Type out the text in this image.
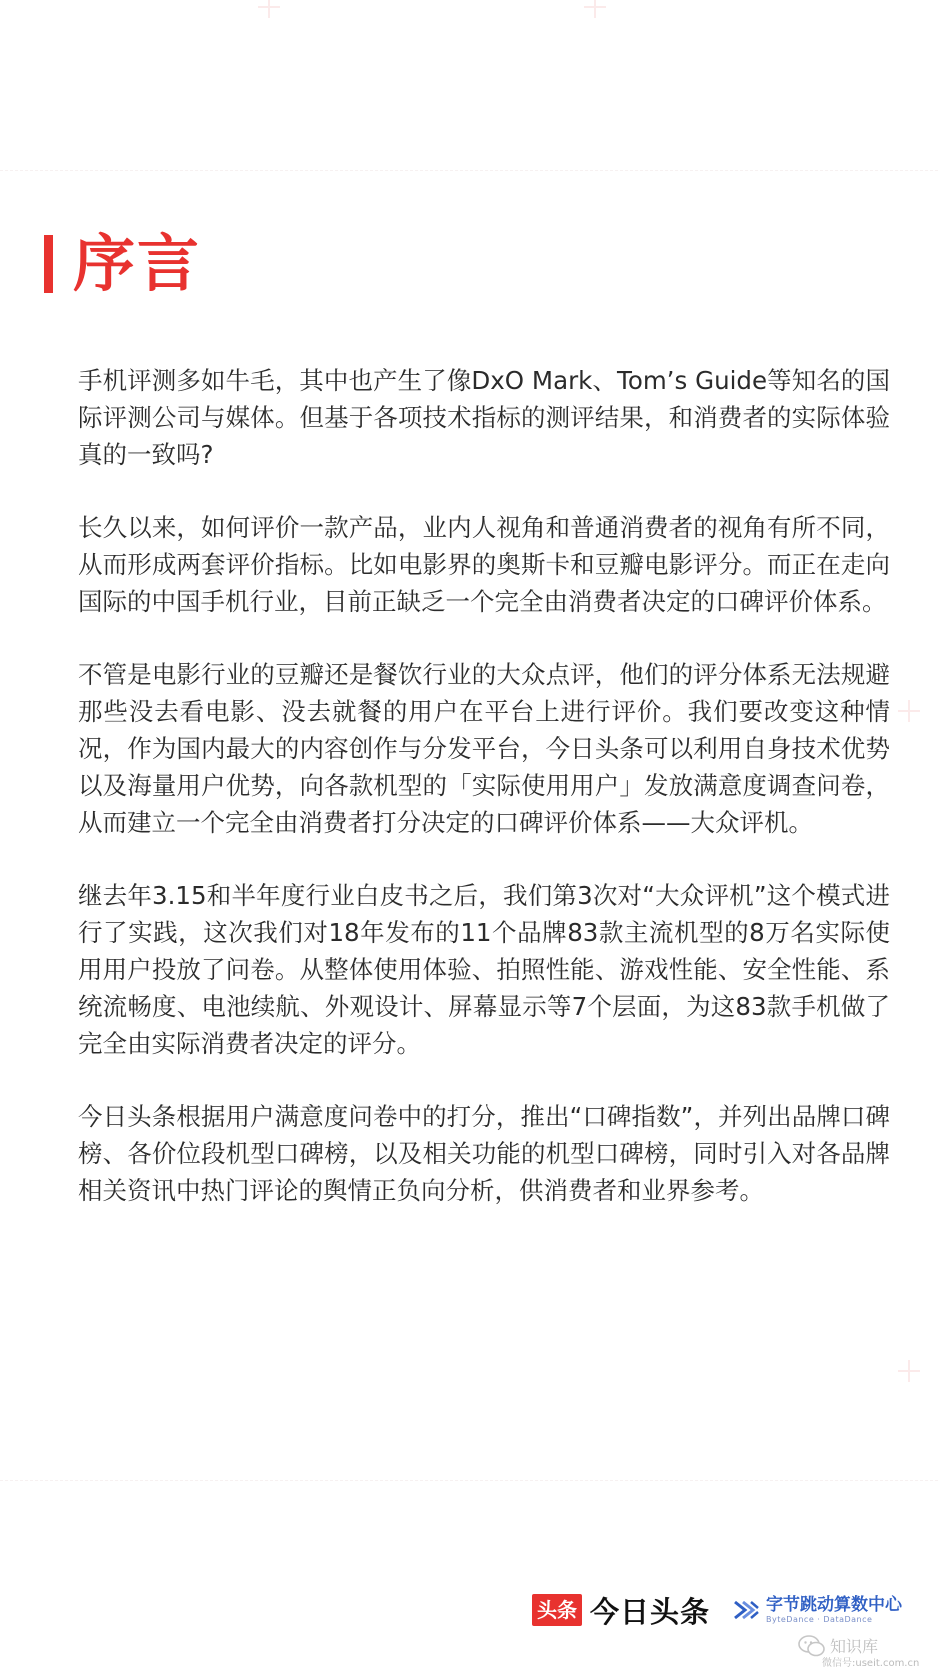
序言

手机评测多如牛毛，其中也产生了像DxO Mark、Tom’s Guide等知名的国际评测公司与媒体。但基于各项技术指标的测评结果，和消费者的实际体验真的一致吗?

长久以来，如何评价一款产品，业内人视角和普通消费者的视角有所不同，从而形成两套评价指标。比如电影界的奥斯卡和豆瓣电影评分。而正在走向国际的中国手机行业，目前正缺乏一个完全由消费者决定的口碑评价体系。

不管是电影行业的豆瓣还是餐饮行业的大众点评，他们的评分体系无法规避那些没去看电影、没去就餐的用户在平台上进行评价。我们要改变这种情况，作为国内最大的内容创作与分发平台，今日头条可以利用自身技术优势以及海量用户优势，向各款机型的「实际使用用户」发放满意度调查问卷，从而建立一个完全由消费者打分决定的口碑评价体系——大众评机。

继去年3.15和半年度行业白皮书之后，我们第3次对“大众评机”这个模式进行了实践，这次我们对18年发布的11个品牌83款主流机型的8万名实际使用用户投放了问卷。从整体使用体验、拍照性能、游戏性能、安全性能、系统流畅度、电池续航、外观设计、屏幕显示等7个层面，为这83款手机做了完全由实际消费者决定的评分。

今日头条根据用户满意度问卷中的打分，推出“口碑指数”，并列出品牌口碑榜、各价位段机型口碑榜，以及相关功能的机型口碑榜，同时引入对各品牌相关资讯中热门评论的舆情正负向分析，供消费者和业界参考。

头条 今日头条	字节跳动算数中心
ByteDance · DataDance
知识库
微信号:useit.com.cn
